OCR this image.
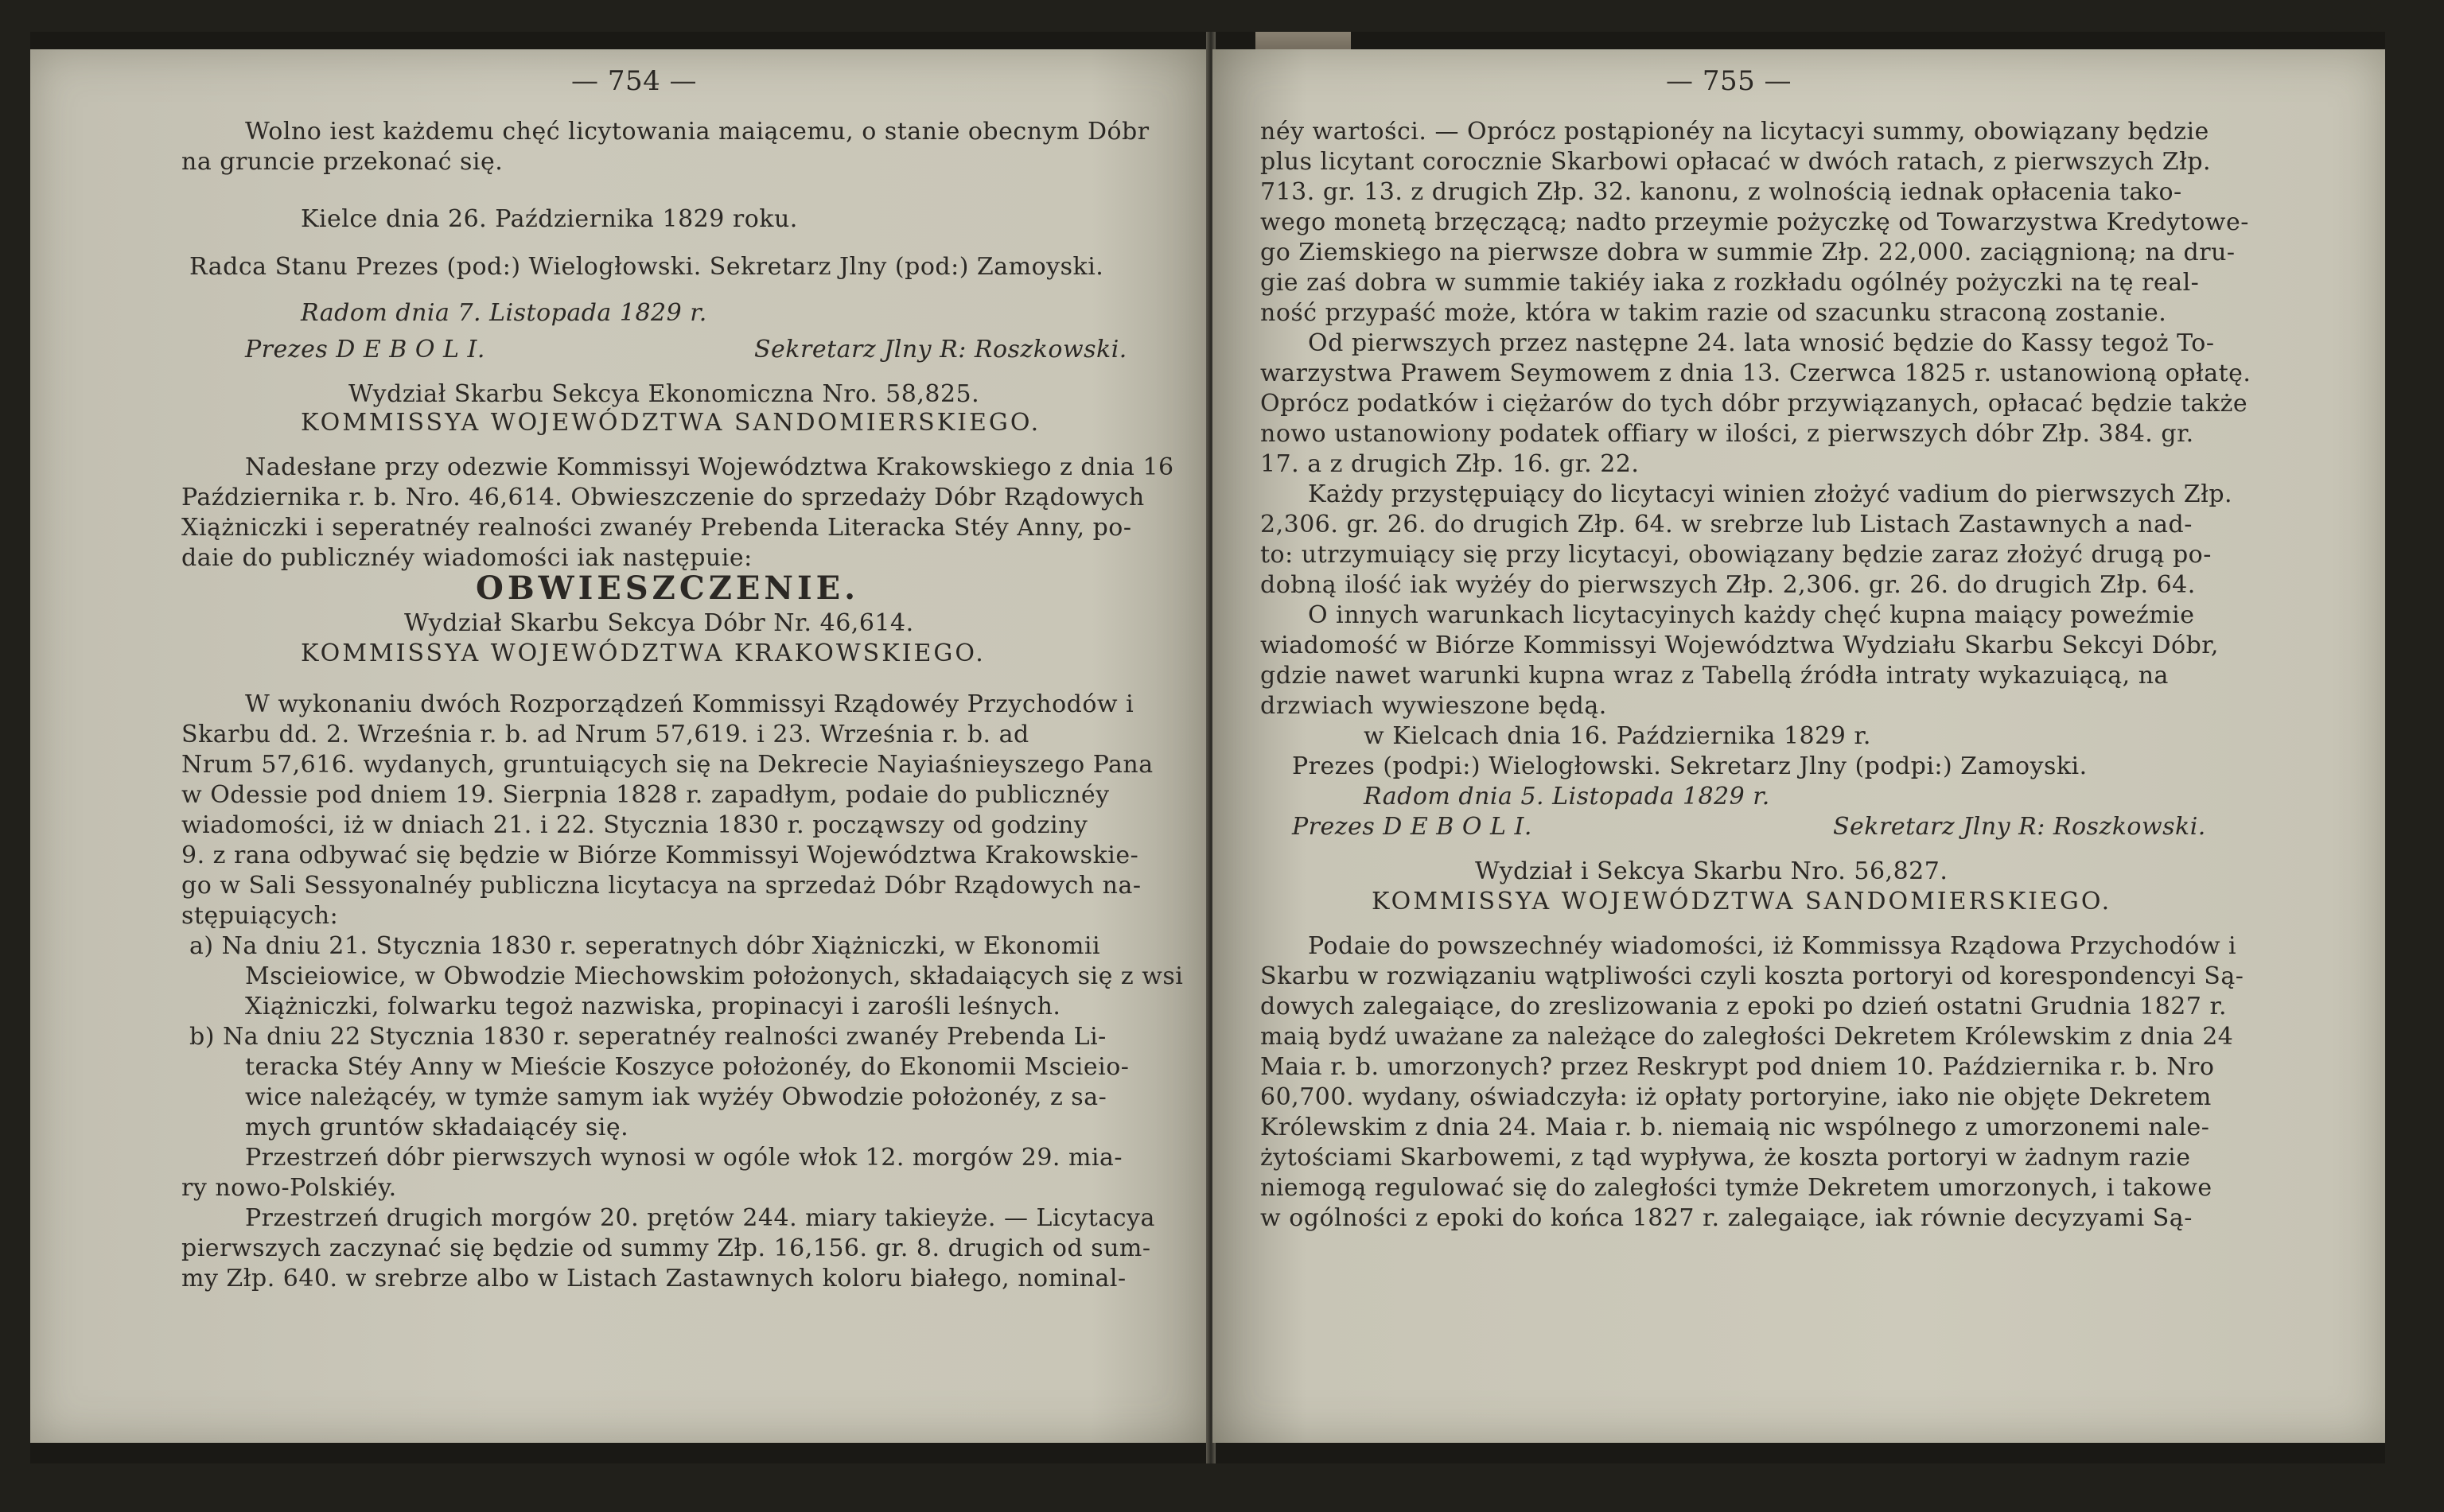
— 754 —
Wolno iest każdemu chęć licytowania maiącemu, o stanie obecnym Dóbr
na gruncie przekonać się.
Kielce dnia 26. Października 1829 roku.
Radca Stanu Prezes (pod:) Wielogłowski. Sekretarz Jlny (pod:) Zamoyski.
Radom dnia 7. Listopada 1829 r.
Prezes D E B O L I.	Sekretarz Jlny R: Roszkowski.
Wydział Skarbu Sekcya Ekonomiczna Nro. 58,825.
KOMMISSYA WOJEWÓDZTWA SANDOMIERSKIEGO.
Nadesłane przy odezwie Kommissyi Województwa Krakowskiego z dnia 16
Października r. b. Nro. 46,614. Obwieszczenie do sprzedaży Dóbr Rządowych
Xiążniczki i seperatnéy realności zwanéy Prebenda Literacka Stéy Anny, po-
daie do publicznéy wiadomości iak następuie:
OBWIESZCZENIE.
Wydział Skarbu Sekcya Dóbr Nr. 46,614.
KOMMISSYA WOJEWÓDZTWA KRAKOWSKIEGO.
W wykonaniu dwóch Rozporządzeń Kommissyi Rządowéy Przychodów i
Skarbu dd. 2. Września r. b. ad Nrum 57,619. i 23. Września r. b. ad
Nrum 57,616. wydanych, gruntuiących się na Dekrecie Nayiaśnieyszego Pana
w Odessie pod dniem 19. Sierpnia 1828 r. zapadłym, podaie do publicznéy
wiadomości, iż w dniach 21. i 22. Stycznia 1830 r. począwszy od godziny
9. z rana odbywać się będzie w Biórze Kommissyi Województwa Krakowskie-
go w Sali Sessyonalnéy publiczna licytacya na sprzedaż Dóbr Rządowych na-
stępuiących:
a) Na dniu 21. Stycznia 1830 r. seperatnych dóbr Xiążniczki, w Ekonomii
Mscieiowice, w Obwodzie Miechowskim położonych, składaiących się z wsi
Xiążniczki, folwarku tegoż nazwiska, propinacyi i zarośli leśnych.
b) Na dniu 22 Stycznia 1830 r. seperatnéy realności zwanéy Prebenda Li-
teracka Stéy Anny w Mieście Koszyce położonéy, do Ekonomii Mscieio-
wice należącéy, w tymże samym iak wyżéy Obwodzie położonéy, z sa-
mych gruntów składaiącéy się.
Przestrzeń dóbr pierwszych wynosi w ogóle włok 12. morgów 29. mia-
ry nowo-Polskiéy.
Przestrzeń drugich morgów 20. prętów 244. miary takieyże. — Licytacya
pierwszych zaczynać się będzie od summy Złp. 16,156. gr. 8. drugich od sum-
my Złp. 640. w srebrze albo w Listach Zastawnych koloru białego, nominal-
— 755 —
néy wartości. — Oprócz postąpionéy na licytacyi summy, obowiązany będzie
plus licytant corocznie Skarbowi opłacać w dwóch ratach, z pierwszych Złp.
713. gr. 13. z drugich Złp. 32. kanonu, z wolnością iednak opłacenia tako-
wego monetą brzęczącą; nadto przeymie pożyczkę od Towarzystwa Kredytowe-
go Ziemskiego na pierwsze dobra w summie Złp. 22,000. zaciągnioną; na dru-
gie zaś dobra w summie takiéy iaka z rozkładu ogólnéy pożyczki na tę real-
ność przypaść może, która w takim razie od szacunku straconą zostanie.
Od pierwszych przez następne 24. lata wnosić będzie do Kassy tegoż To-
warzystwa Prawem Seymowem z dnia 13. Czerwca 1825 r. ustanowioną opłatę.
Oprócz podatków i ciężarów do tych dóbr przywiązanych, opłacać będzie także
nowo ustanowiony podatek offiary w ilości, z pierwszych dóbr Złp. 384. gr.
17. a z drugich Złp. 16. gr. 22.
Każdy przystępuiący do licytacyi winien złożyć vadium do pierwszych Złp.
2,306. gr. 26. do drugich Złp. 64. w srebrze lub Listach Zastawnych a nad-
to: utrzymuiący się przy licytacyi, obowiązany będzie zaraz złożyć drugą po-
dobną ilość iak wyżéy do pierwszych Złp. 2,306. gr. 26. do drugich Złp. 64.
O innych warunkach licytacyinych każdy chęć kupna maiący poweźmie
wiadomość w Biórze Kommissyi Województwa Wydziału Skarbu Sekcyi Dóbr,
gdzie nawet warunki kupna wraz z Tabellą źródła intraty wykazuiącą, na
drzwiach wywieszone będą.
w Kielcach dnia 16. Października 1829 r.
Prezes (podpi:) Wielogłowski. Sekretarz Jlny (podpi:) Zamoyski.
Radom dnia 5. Listopada 1829 r.
Prezes D E B O L I.	Sekretarz Jlny R: Roszkowski.
Wydział i Sekcya Skarbu Nro. 56,827.
KOMMISSYA WOJEWÓDZTWA SANDOMIERSKIEGO.
Podaie do powszechnéy wiadomości, iż Kommissya Rządowa Przychodów i
Skarbu w rozwiązaniu wątpliwości czyli koszta portoryi od korespondencyi Są-
dowych zalegaiące, do zreslizowania z epoki po dzień ostatni Grudnia 1827 r.
maią bydź uważane za należące do zaległości Dekretem Królewskim z dnia 24
Maia r. b. umorzonych? przez Reskrypt pod dniem 10. Października r. b. Nro
60,700. wydany, oświadczyła: iż opłaty portoryine, iako nie objęte Dekretem
Królewskim z dnia 24. Maia r. b. niemaią nic wspólnego z umorzonemi nale-
żytościami Skarbowemi, z tąd wypływa, że koszta portoryi w żadnym razie
niemogą regulować się do zaległości tymże Dekretem umorzonych, i takowe
w ogólności z epoki do końca 1827 r. zalegaiące, iak równie decyzyami Są-
